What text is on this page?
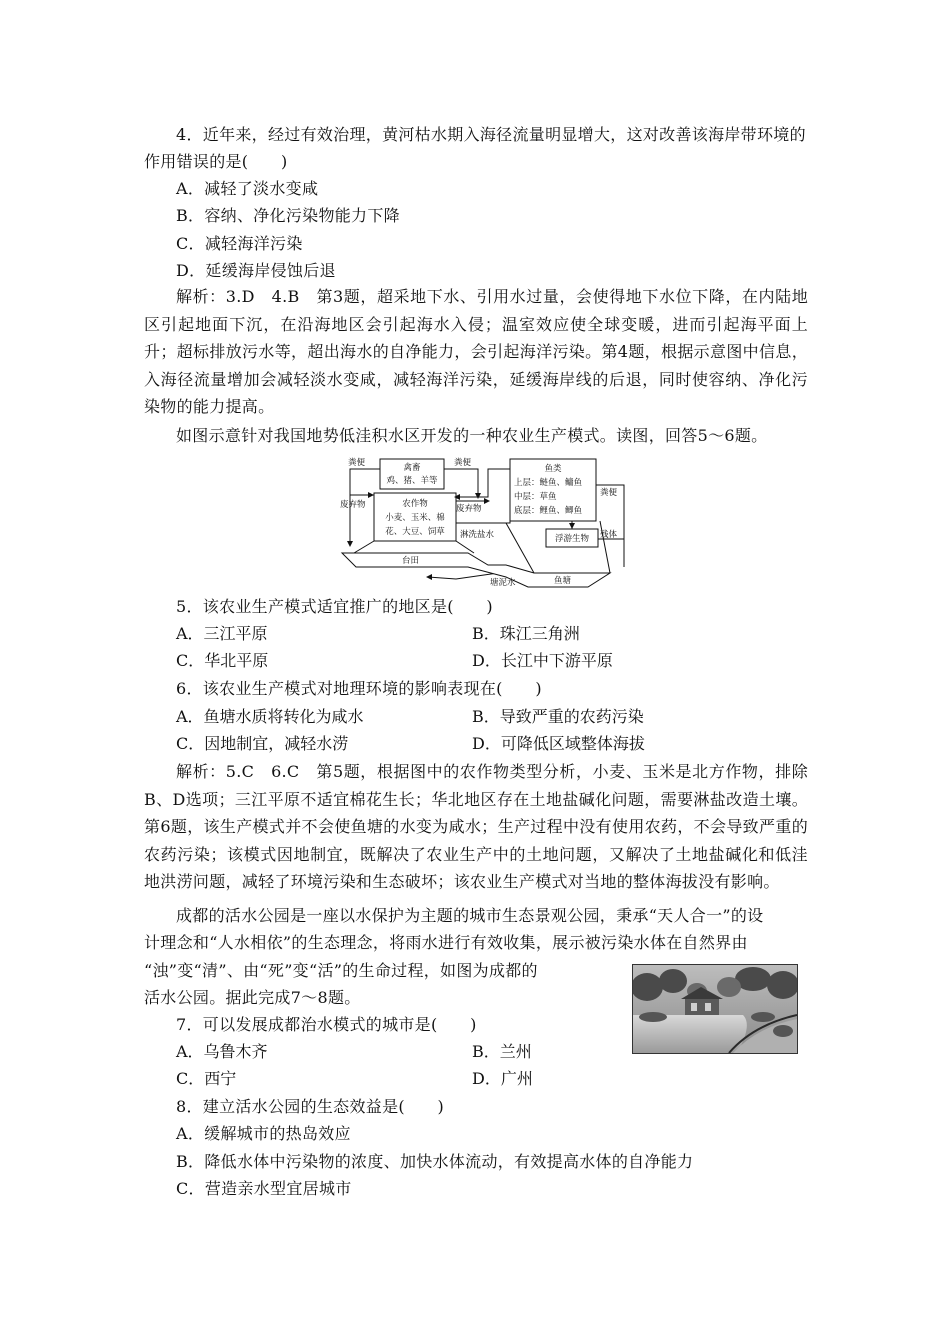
4．近年来，经过有效治理，黄河枯水期入海径流量明显增大，这对改善该海岸带环境的
作用错误的是(　　)
A．减轻了淡水变咸
B．容纳、净化污染物能力下降
C．减轻海洋污染
D．延缓海岸侵蚀后退
解析：3.D　4.B　第3题，超采地下水、引用水过量，会使得地下水位下降，在内陆地区引起地面下沉，在沿海地区会引起海水入侵；温室效应使全球变暖，进而引起海平面上升；超标排放污水等，超出海水的自净能力，会引起海洋污染。第4题，根据示意图中信息，入海径流量增加会减轻淡水变咸，减轻海洋污染，延缓海岸线的后退，同时使容纳、净化污染物的能力提高。
如图示意针对我国地势低洼积水区开发的一种农业生产模式。读图，回答5～6题。
禽畜
鸡、猪、羊等
农作物
小麦、玉米、棉
花、大豆、饲草
鱼类
上层：鲢鱼、鳙鱼
中层：草鱼
底层：鲤鱼、鲫鱼
浮游生物
粪便	粪便
废弃物	废弃物
淋洗盐水
粪便
残体
台田
塘泥水	鱼塘
5．该农业生产模式适宜推广的地区是(　　)
A．三江平原	B．珠江三角洲
C．华北平原	D．长江中下游平原
6．该农业生产模式对地理环境的影响表现在(　　)
A．鱼塘水质将转化为咸水	B．导致严重的农药污染
C．因地制宜，减轻水涝	D．可降低区域整体海拔
解析：5.C　6.C　第5题，根据图中的农作物类型分析，小麦、玉米是北方作物，排除B、D选项；三江平原不适宜棉花生长；华北地区存在土地盐碱化问题，需要淋盐改造土壤。第6题，该生产模式并不会使鱼塘的水变为咸水；生产过程中没有使用农药，不会导致严重的农药污染；该模式因地制宜，既解决了农业生产中的土地问题，又解决了土地盐碱化和低洼地洪涝问题，减轻了环境污染和生态破坏；该农业生产模式对当地的整体海拔没有影响。
成都的活水公园是一座以水保护为主题的城市生态景观公园，秉承“天人合一”的设
计理念和“人水相依”的生态理念，将雨水进行有效收集，展示被污染水体在自然界由
“浊”变“清”、由“死”变“活”的生命过程，如图为成都的
活水公园。据此完成7～8题。
7．可以发展成都治水模式的城市是(　　)
A．乌鲁木齐	B．兰州
C．西宁	D．广州
8．建立活水公园的生态效益是(　　)
A．缓解城市的热岛效应
B．降低水体中污染物的浓度、加快水体流动，有效提高水体的自净能力
C．营造亲水型宜居城市
